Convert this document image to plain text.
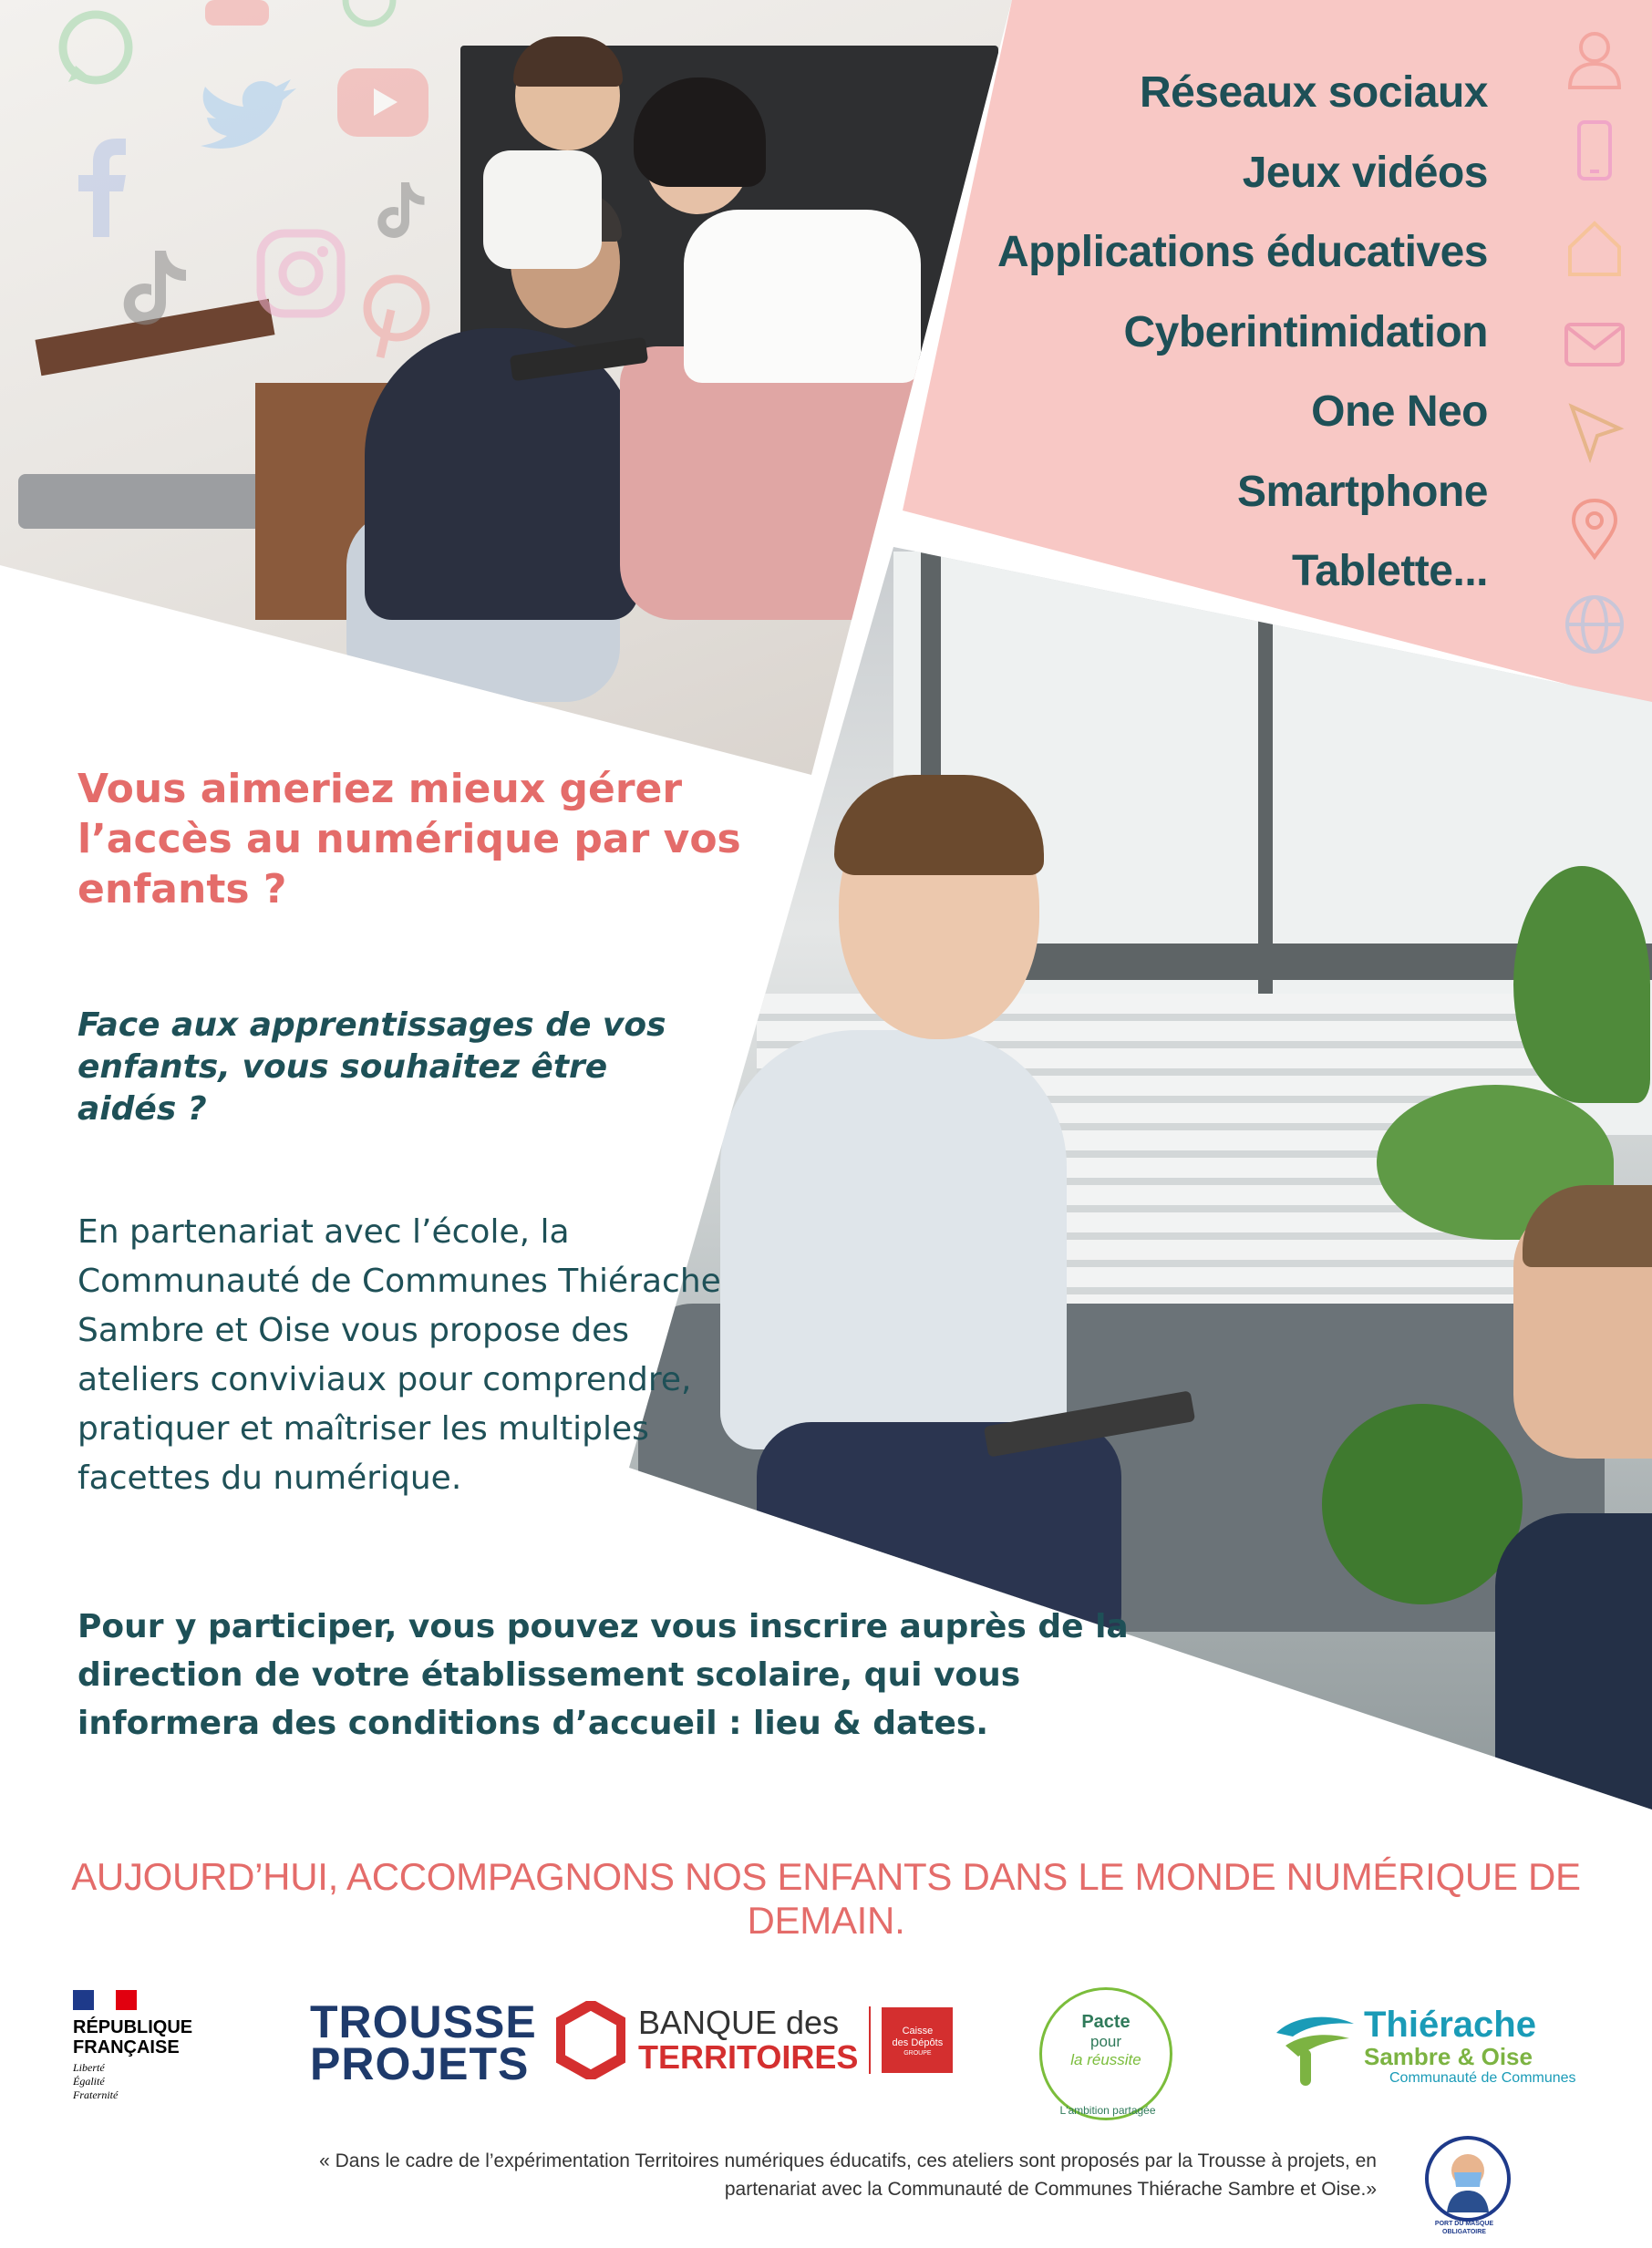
Réseaux sociaux
Jeux vidéos
Applications éducatives
Cyberintimidation
One Neo
Smartphone
Tablette...

Vous aimeriez mieux gérer l’accès au numérique par vos enfants ?

Face aux apprentissages de vos enfants, vous souhaitez être aidés ?

En partenariat avec l’école, la Communauté de Communes Thiérache Sambre et Oise vous propose des ateliers conviviaux pour comprendre, pratiquer et maîtriser les multiples facettes du numérique.

Pour y participer, vous pouvez vous inscrire auprès de la direction de votre établissement scolaire, qui vous informera des conditions d’accueil : lieu & dates.

AUJOURD’HUI, ACCOMPAGNONS NOS ENFANTS DANS LE MONDE NUMÉRIQUE DE DEMAIN.
RÉPUBLIQUE
FRANÇAISE
Liberté
Égalité
Fraternité
TROUSSE
PROJETS
BANQUE des
TERRITOIRES
Caisse
des Dépôts
GROUPE
Pacte
pour
la réussite
L'ambition partagée
Thiérache
Sambre & Oise
Communauté de Communes

« Dans le cadre de l’expérimentation Territoires numériques éducatifs, ces ateliers sont proposés par la Trousse à projets, en partenariat avec la Communauté de Communes Thiérache Sambre et Oise.»

PORT DU MASQUE
OBLIGATOIRE
